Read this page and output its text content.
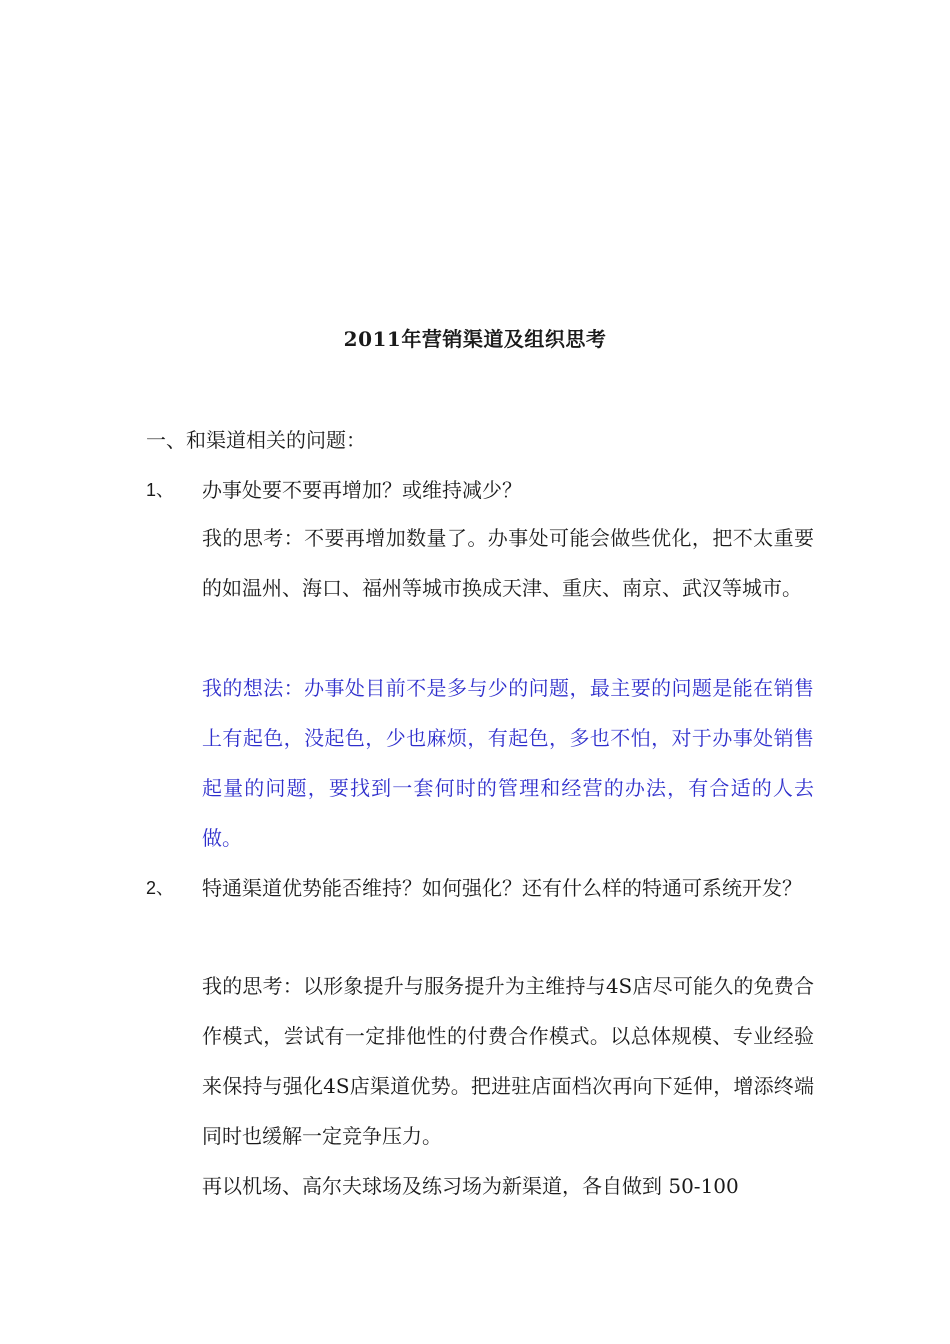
2011年营销渠道及组织思考
一、和渠道相关的问题：
1、 办事处要不要再增加？或维持减少？
我的思考：不要再增加数量了。办事处可能会做些优化，把不太重要的如温州、海口、福州等城市换成天津、重庆、南京、武汉等城市。
我的想法：办事处目前不是多与少的问题，最主要的问题是能在销售上有起色，没起色，少也麻烦，有起色，多也不怕，对于办事处销售起量的问题，要找到一套何时的管理和经营的办法，有合适的人去做。
2、 特通渠道优势能否维持？如何强化？还有什么样的特通可系统开发？
我的思考：以形象提升与服务提升为主维持与4S店尽可能久的免费合作模式，尝试有一定排他性的付费合作模式。以总体规模、专业经验来保持与强化4S店渠道优势。把进驻店面档次再向下延伸，增添终端同时也缓解一定竞争压力。
再以机场、高尔夫球场及练习场为新渠道，各自做到 50-100
